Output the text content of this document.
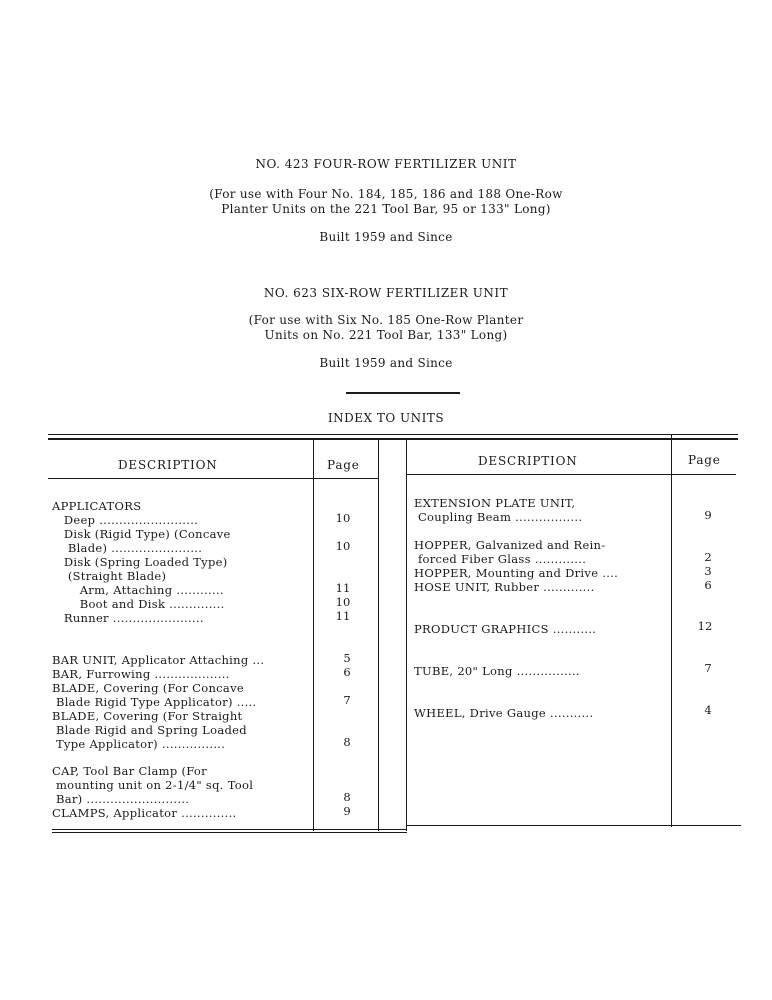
NO. 423 FOUR-ROW FERTILIZER UNIT
(For use with Four No. 184, 185, 186 and 188 One-Row
Planter Units on the 221 Tool Bar, 95 or 133" Long)
Built 1959 and Since
NO. 623 SIX-ROW FERTILIZER UNIT
(For use with Six No. 185 One-Row Planter
Units on No. 221 Tool Bar, 133" Long)
Built 1959 and Since
INDEX TO UNITS
DESCRIPTION	Page	DESCRIPTION	Page
APPLICATORS
Deep .........................	10
Disk (Rigid Type) (Concave
Blade) .......................	10
Disk (Spring Loaded Type)
(Straight Blade)
Arm, Attaching ............	11
Boot and Disk ..............	10
Runner .......................	11
BAR UNIT, Applicator Attaching ...	5
BAR, Furrowing ...................	6
BLADE, Covering (For Concave
Blade Rigid Type Applicator) .....	7
BLADE, Covering (For Straight
Blade Rigid and Spring Loaded
Type Applicator) ................	8
CAP, Tool Bar Clamp (For
mounting unit on 2-1/4" sq. Tool
Bar) ..........................	8
CLAMPS, Applicator ..............	9
EXTENSION PLATE UNIT,
Coupling Beam .................	9
HOPPER, Galvanized and Rein-
forced Fiber Glass .............	2
HOPPER, Mounting and Drive ....	3
HOSE UNIT, Rubber .............	6
PRODUCT GRAPHICS ...........	12
TUBE, 20" Long ................	7
WHEEL, Drive Gauge ...........	4
